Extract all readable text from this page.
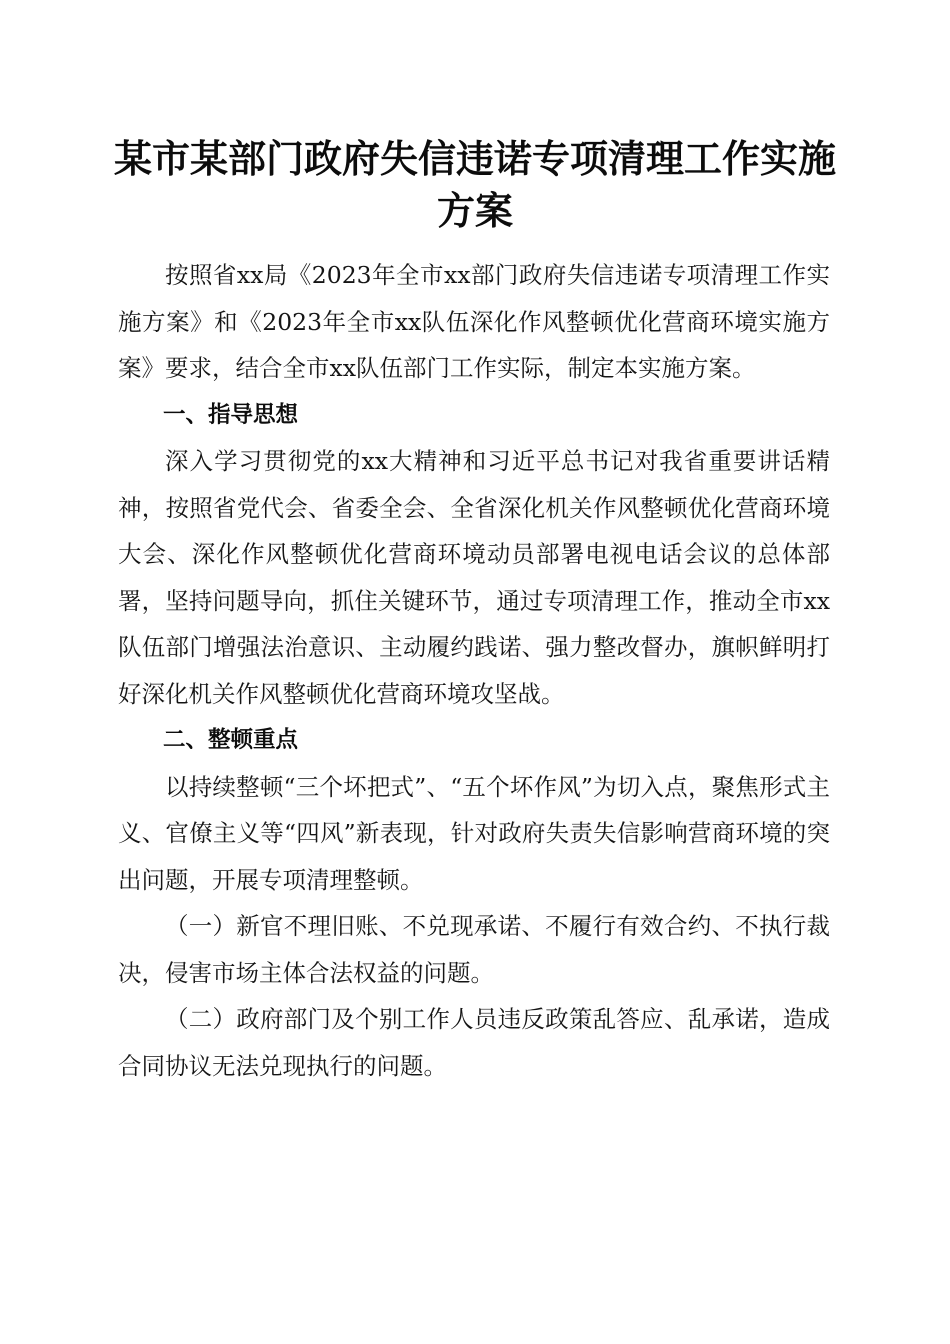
某市某部门政府失信违诺专项清理工作实施方案

按照省xx局《2023年全市xx部门政府失信违诺专项清理工作实施方案》和《2023年全市xx队伍深化作风整顿优化营商环境实施方案》要求，结合全市xx队伍部门工作实际，制定本实施方案。

一、指导思想

深入学习贯彻党的xx大精神和习近平总书记对我省重要讲话精神，按照省党代会、省委全会、全省深化机关作风整顿优化营商环境大会、深化作风整顿优化营商环境动员部署电视电话会议的总体部署，坚持问题导向，抓住关键环节，通过专项清理工作，推动全市xx队伍部门增强法治意识、主动履约践诺、强力整改督办，旗帜鲜明打好深化机关作风整顿优化营商环境攻坚战。

二、整顿重点

以持续整顿“三个坏把式”、“五个坏作风”为切入点，聚焦形式主义、官僚主义等“四风”新表现，针对政府失责失信影响营商环境的突出问题，开展专项清理整顿。

（一）新官不理旧账、不兑现承诺、不履行有效合约、不执行裁决，侵害市场主体合法权益的问题。

（二）政府部门及个别工作人员违反政策乱答应、乱承诺，造成合同协议无法兑现执行的问题。
